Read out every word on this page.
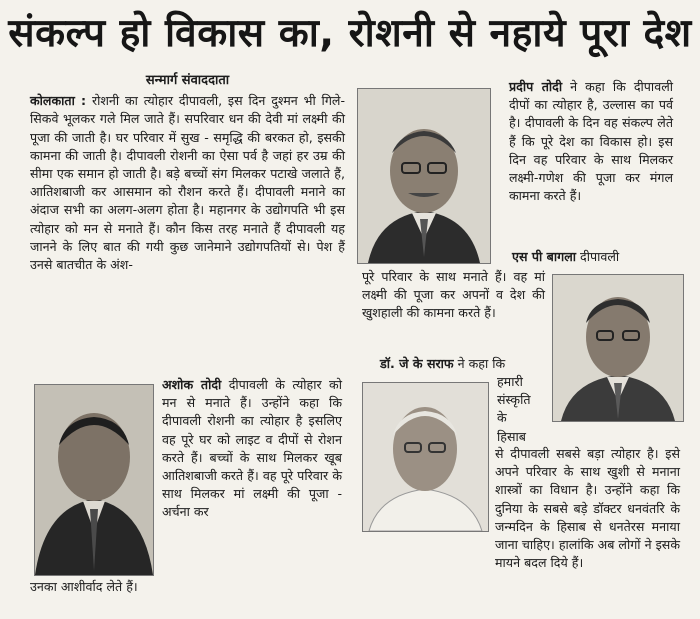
संकल्प हो विकास का, रोशनी से नहाये पूरा देश
सन्मार्ग संवाददाता

कोलकाता : रोशनी का त्योहार दीपावली, इस दिन दुश्मन भी गिले-सिकवे भूलकर गले मिल जाते हैं। सपरिवार धन की देवी मां लक्ष्मी की पूजा की जाती है। घर परिवार में सुख - समृद्धि की बरकत हो, इसकी कामना की जाती है। दीपावली रोशनी का ऐसा पर्व है जहां हर उम्र की सीमा एक समान हो जाती है। बड़े बच्चों संग मिलकर पटाखे जलाते हैं, आतिशबाजी कर आसमान को रौशन करते हैं। दीपावली मनाने का अंदाज सभी का अलग-अलग होता है। महानगर के उद्योगपति भी इस त्योहार को मन से मनाते हैं। कौन किस तरह मनाते हैं दीपावली यह जानने के लिए बात की गयी कुछ जानेमाने उद्योगपतियों से। पेश हैं उनसे बातचीत के अंश-

प्रदीप तोदी ने कहा कि दीपावली दीपों का त्योहार है, उल्लास का पर्व है। दीपावली के दिन वह संकल्प लेते हैं कि पूरे देश का विकास हो। इस दिन वह परिवार के साथ मिलकर लक्ष्मी-गणेश की पूजा कर मंगल कामना करते हैं।

एस पी बागला दीपावली

पूरे परिवार के साथ मनाते हैं। वह मां लक्ष्मी की पूजा कर अपनों व देश की खुशहाली की कामना करते हैं।

डॉ. जे के सराफ ने कहा कि

हमारी
संस्कृति
के
हिसाब

से दीपावली सबसे बड़ा त्योहार है। इसे अपने परिवार के साथ खुशी से मनाना शास्त्रों का विधान है। उन्होंने कहा कि दुनिया के सबसे बड़े डॉक्टर धनवंतरि के जन्मदिन के हिसाब से धनतेरस मनाया जाना चाहिए। हालांकि अब लोगों ने इसके मायने बदल दिये हैं।

अशोक तोदी दीपावली के त्योहार को मन से मनाते हैं। उन्होंने कहा कि दीपावली रोशनी का त्योहार है इसलिए वह पूरे घर को लाइट व दीपों से रोशन करते हैं। बच्चों के साथ मिलकर खूब आतिशबाजी करते हैं। वह पूरे परिवार के साथ मिलकर मां लक्ष्मी की पूजा - अर्चना कर

उनका आशीर्वाद लेते हैं।
